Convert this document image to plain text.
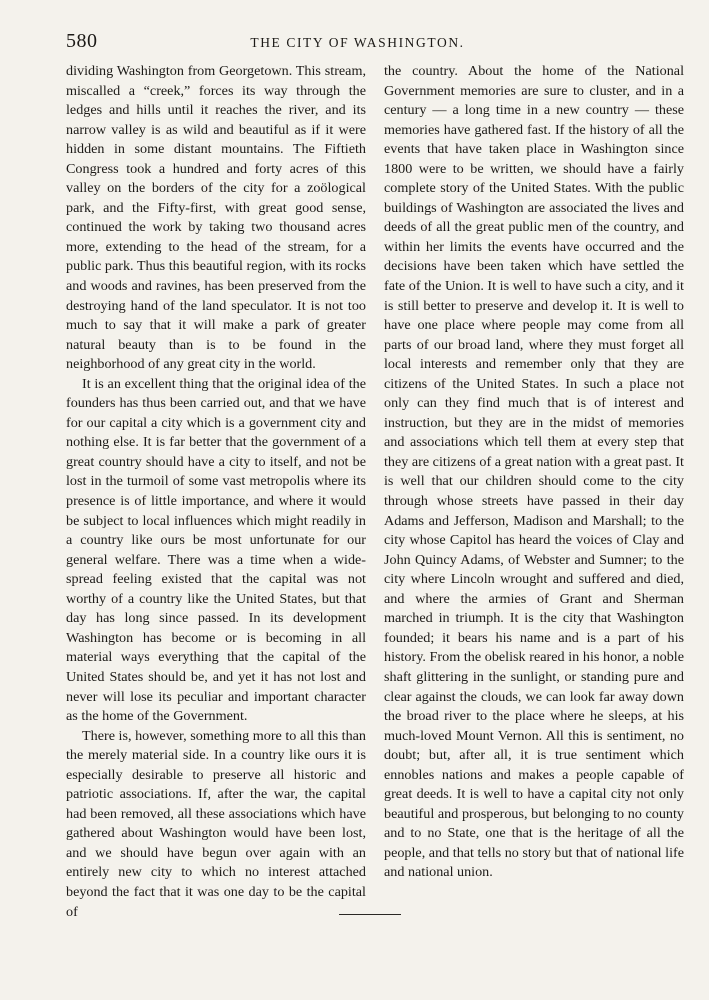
580	THE CITY OF WASHINGTON.

dividing Washington from Georgetown. This stream, miscalled a “creek,” forces its way through the ledges and hills until it reaches the river, and its narrow valley is as wild and beautiful as if it were hidden in some distant mountains. The Fiftieth Congress took a hundred and forty acres of this valley on the borders of the city for a zoölogical park, and the Fifty-first, with great good sense, continued the work by taking two thousand acres more, extending to the head of the stream, for a public park. Thus this beautiful region, with its rocks and woods and ravines, has been preserved from the destroying hand of the land speculator. It is not too much to say that it will make a park of greater natural beauty than is to be found in the neighborhood of any great city in the world.

It is an excellent thing that the original idea of the founders has thus been carried out, and that we have for our capital a city which is a government city and nothing else. It is far better that the government of a great country should have a city to itself, and not be lost in the turmoil of some vast metropolis where its presence is of little importance, and where it would be subject to local influences which might readily in a country like ours be most unfortunate for our general welfare. There was a time when a wide-spread feeling existed that the capital was not worthy of a country like the United States, but that day has long since passed. In its development Washington has become or is becoming in all material ways everything that the capital of the United States should be, and yet it has not lost and never will lose its peculiar and important character as the home of the Government.

There is, however, something more to all this than the merely material side. In a country like ours it is especially desirable to preserve all historic and patriotic associations. If, after the war, the capital had been removed, all these associations which have gathered about Washington would have been lost, and we should have begun over again with an entirely new city to which no interest attached beyond the fact that it was one day to be the capital of

the country. About the home of the National Government memories are sure to cluster, and in a century — a long time in a new country — these memories have gathered fast. If the history of all the events that have taken place in Washington since 1800 were to be written, we should have a fairly complete story of the United States. With the public buildings of Washington are associated the lives and deeds of all the great public men of the country, and within her limits the events have occurred and the decisions have been taken which have settled the fate of the Union. It is well to have such a city, and it is still better to preserve and develop it. It is well to have one place where people may come from all parts of our broad land, where they must forget all local interests and remember only that they are citizens of the United States. In such a place not only can they find much that is of interest and instruction, but they are in the midst of memories and associations which tell them at every step that they are citizens of a great nation with a great past. It is well that our children should come to the city through whose streets have passed in their day Adams and Jefferson, Madison and Marshall; to the city whose Capitol has heard the voices of Clay and John Quincy Adams, of Webster and Sumner; to the city where Lincoln wrought and suffered and died, and where the armies of Grant and Sherman marched in triumph. It is the city that Washington founded; it bears his name and is a part of his history. From the obelisk reared in his honor, a noble shaft glittering in the sunlight, or standing pure and clear against the clouds, we can look far away down the broad river to the place where he sleeps, at his much-loved Mount Vernon. All this is sentiment, no doubt; but, after all, it is true sentiment which ennobles nations and makes a people capable of great deeds. It is well to have a capital city not only beautiful and prosperous, but belonging to no county and to no State, one that is the heritage of all the people, and that tells no story but that of national life and national union.
